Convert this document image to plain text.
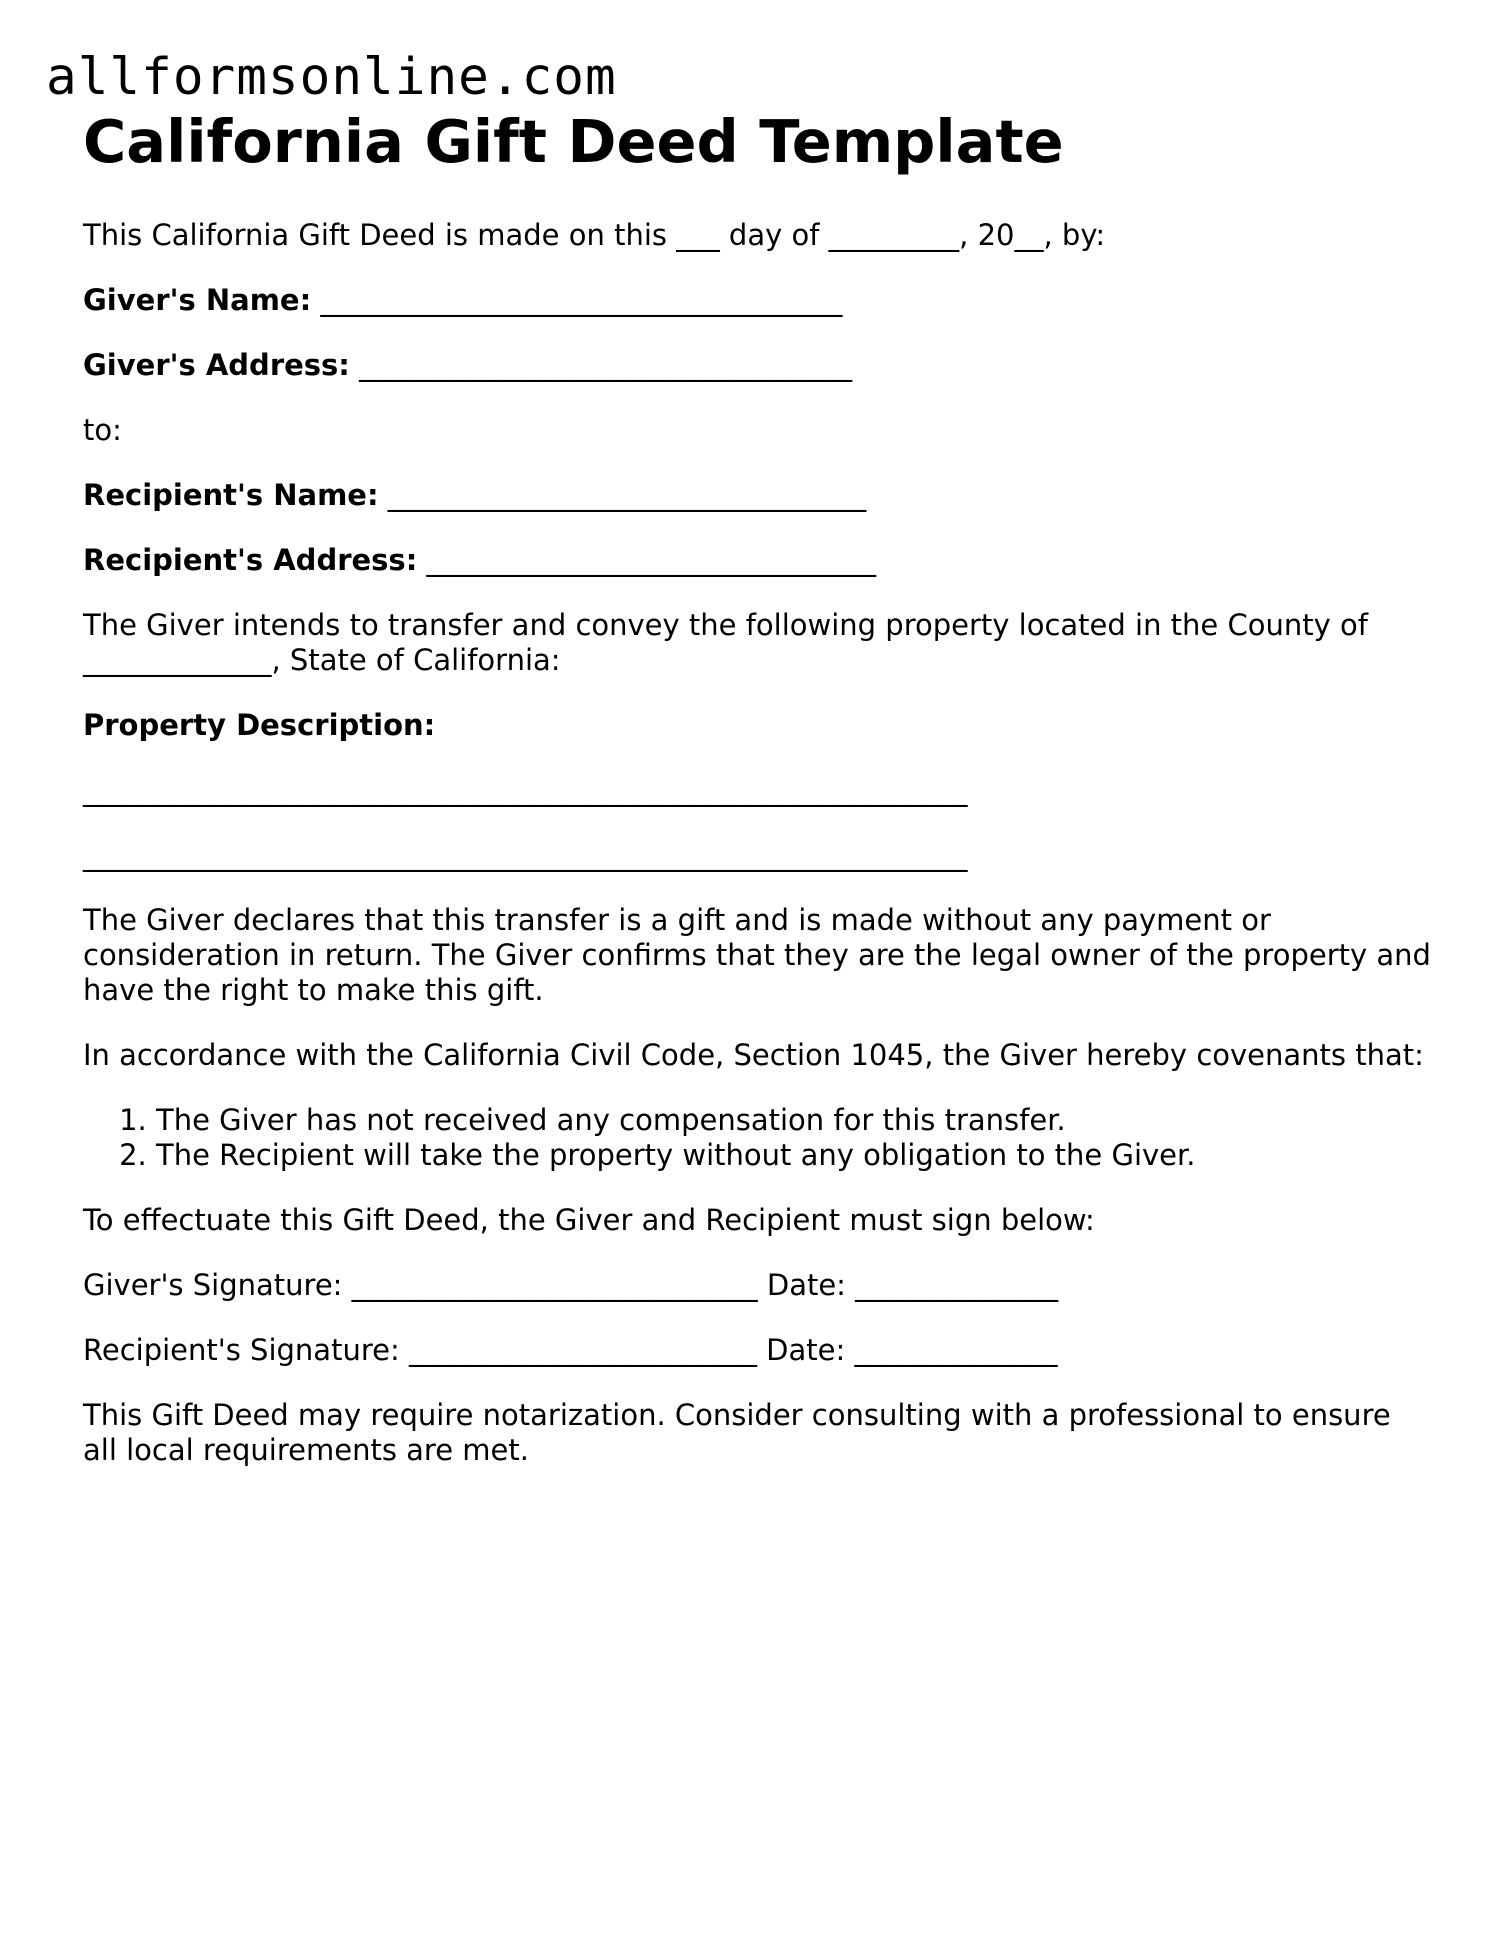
allformsonline.com
California Gift Deed Template

This California Gift Deed is made on this ___ day of _________, 20__, by:

Giver's Name: ____________________________________

Giver's Address: __________________________________

to:

Recipient's Name: _________________________________

Recipient's Address: _______________________________

The Giver intends to transfer and convey the following property located in the County of _____________, State of California:

Property Description:

_____________________________________________________________

_____________________________________________________________

The Giver declares that this transfer is a gift and is made without any payment or consideration in return. The Giver confirms that they are the legal owner of the property and have the right to make this gift.

In accordance with the California Civil Code, Section 1045, the Giver hereby covenants that:

1. The Giver has not received any compensation for this transfer.
2. The Recipient will take the property without any obligation to the Giver.

To effectuate this Gift Deed, the Giver and Recipient must sign below:

Giver's Signature: ____________________________ Date: ______________

Recipient's Signature: ________________________ Date: ______________

This Gift Deed may require notarization. Consider consulting with a professional to ensure all local requirements are met.
